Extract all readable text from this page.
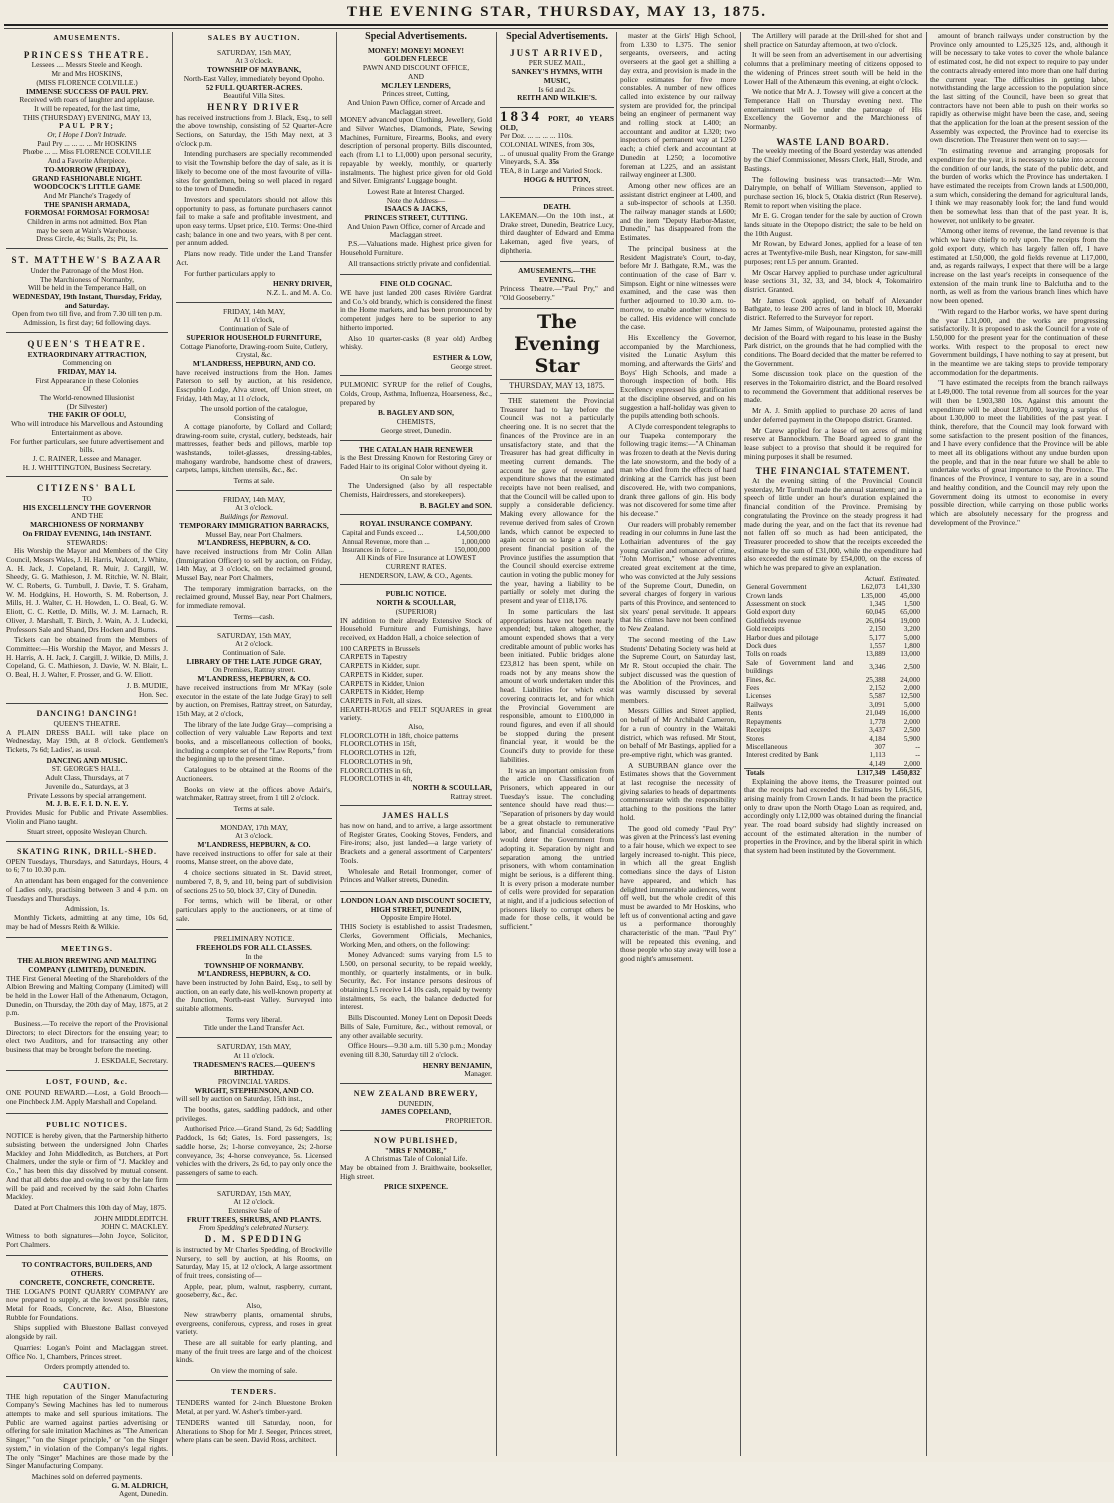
THE EVENING STAR, THURSDAY, MAY 13, 1875.
AMUSEMENTS.
PRINCESS THEATRE.
Lessees .... Messrs Steele and Keogh.
Mr and Mrs HOSKINS,
(MISS FLORENCE COLVILLE.)
IMMENSE SUCCESS OF PAUL PRY.
Received with roars of laughter and applause.
It will be repeated, for the last time,
THIS (THURSDAY) EVENING, MAY 13,
PAUL PRY;
Or, I Hope I Don't Intrude.
Paul Pry ... ... ... ... Mr HOSKINS
Phœbe ... ... Miss FLORENCE COLVILLE
And a Favorite Afterpiece.
TO-MORROW (FRIDAY),
GRAND FASHIONABLE NIGHT.
WOODCOCK'S LITTLE GAME
And Mr Planche's Tragedy of
THE SPANISH ARMADA,
FORMOSA! FORMOSA! FORMOSA!
Children in arms not admitted. Box Plan
may be seen at Wain's Warehouse.
Dress Circle, 4s; Stalls, 2s; Pit, 1s.
ST. MATTHEW'S BAZAAR
Under the Patronage of the Most Hon.
The Marchioness of Normanby,
Will be held in the Temperance Hall, on
WEDNESDAY, 19th Instant, Thursday, Friday, and Saturday.
Open from two till five, and from 7.30 till ten p.m.
Admission, 1s first day; 6d following days.
QUEEN'S THEATRE.
EXTRAORDINARY ATTRACTION,
Commencing on
FRIDAY, MAY 14.
First Appearance in these Colonies
Of
The World-renowned Illusionist
(Dr Silvester)
THE FAKIR OF OOLU,
Who will introduce his Marvellous and Astounding Entertainment as above.
For further particulars, see future advertisement and bills.
J. C. RAINER, Lessee and Manager.
H. J. WHITTINGTON, Business Secretary.
CITIZENS' BALL
TO
HIS EXCELLENCY THE GOVERNOR
AND THE
MARCHIONESS OF NORMANBY
On FRIDAY EVENING, 14th INSTANT.
STEWARDS:

His Worship the Mayor and Members of the City Council, Messrs Wales, J. H. Harris, Walcott, J. White, A. H. Jack, J. Copeland, R. Muir, J. Cargill, W. Sheedy, G. G. Mathieson, J. M. Ritchie, W. N. Blair, W. C. Roberts, G. Turnbull, J. Davie, T. S. Graham, W. M. Hodgkins, H. Howorth, S. M. Robertson, J. Mills, H. J. Walter, C. H. Howden, L. O. Beal, G. W. Eliott, C. C. Kettle, D. Mills, W. J. M. Larnach, R. Oliver, J. Marshall, T. Birch, J. Wain, A. J. Ludecki, Professors Sale and Shand, Drs Hocken and Burns.

Tickets can be obtained from the Members of Committee:—His Worship the Mayor, and Messrs J. H. Harris, A. H. Jack, J. Cargill, J. Wilkie, D. Mills, J. Copeland, G. C. Mathieson, J. Davie, W. N. Blair, L. O. Beal, H. J. Walter, F. Prosser, and G. W. Eliott.

J. B. MUDIE,
Hon. Sec.
DANCING! DANCING!
QUEEN'S THEATRE.

A PLAIN DRESS BALL will take place on Wednesday, May 19th, at 8 o'clock. Gentlemen's Tickets, 7s 6d; Ladies', as usual.

DANCING AND MUSIC.
ST. GEORGE'S HALL.
Adult Class, Thursdays, at 7
Juvenile do., Saturdays, at 3
Private Lessons by special arrangement.
M. J. B. E. F. I. D. N. E. Y.

Provides Music for Public and Private Assemblies. Violin and Piano taught.

Stuart street, opposite Wesleyan Church.
SKATING RINK, DRILL-SHED.

OPEN Tuesdays, Thursdays, and Saturdays, Hours, 4 to 6; 7 to 10.30 p.m.

An attendant has been engaged for the convenience of Ladies only, practising between 3 and 4 p.m. on Tuesdays and Thursdays.

Admission, 1s.

Monthly Tickets, admitting at any time, 10s 6d, may be had of Messrs Reith & Wilkie.

MEETINGS.
THE ALBION BREWING AND MALTING COMPANY (LIMITED), DUNEDIN.

THE First General Meeting of the Shareholders of the Albion Brewing and Malting Company (Limited) will be held in the Lower Hall of the Athenæum, Octagon, Dunedin, on Thursday, the 20th day of May, 1875, at 2 p.m.

Business.—To receive the report of the Provisional Directors; to elect Directors for the ensuing year; to elect two Auditors, and for transacting any other business that may be brought before the meeting.

J. ESKDALE, Secretary.
LOST, FOUND, &c.

ONE POUND REWARD.—Lost, a Gold Brooch—one Pinchbeck J.M. Apply Marshall and Copeland.

PUBLIC NOTICES.

NOTICE is hereby given, that the Partnership hitherto subsisting between the undersigned John Charles Mackley and John Middleditch, as Butchers, at Port Chalmers, under the style or firm of "J. Mackley and Co.," has been this day dissolved by mutual consent. And that all debts due and owing to or by the late firm will be paid and received by the said John Charles Mackley.

Dated at Port Chalmers this 10th day of May, 1875.

JOHN MIDDLEDITCH.
JOHN C. MACKLEY.

Witness to both signatures—John Joyce, Solicitor, Port Chalmers.

TO CONTRACTORS, BUILDERS, AND OTHERS.
CONCRETE, CONCRETE, CONCRETE.

THE LOGAN'S POINT QUARRY COMPANY are now prepared to supply, at the lowest possible rates, Metal for Roads, Concrete, &c. Also, Bluestone Rubble for Foundations.

Ships supplied with Bluestone Ballast conveyed alongside by rail.

Quarries: Logan's Point and Maclaggan street. Office No. 1, Chambers, Princes street.

Orders promptly attended to.
CAUTION.

THE high reputation of the Singer Manufacturing Company's Sewing Machines has led to numerous attempts to make and sell spurious imitations. The Public are warned against parties advertising or offering for sale imitation Machines as "The American Singer," "on the Singer principle," or "on the Singer system," in violation of the Company's legal rights. The only "Singer" Machines are those made by the Singer Manufacturing Company.

Machines sold on deferred payments.
G. M. ALDRICH,
Agent, Dunedin.
SALES BY AUCTION.
SATURDAY, 15th MAY,
At 3 o'clock.
TOWNSHIP OF MAYBANK,
North-East Valley, immediately beyond Opoho.
52 FULL QUARTER-ACRES.
Beautiful Villa Sites.
HENRY DRIVER

has received instructions from J. Black, Esq., to sell the above township, consisting of 52 Quarter-Acre Sections, on Saturday, the 15th May next, at 3 o'clock p.m.

Intending purchasers are specially recommended to visit the Township before the day of sale, as it is likely to become one of the most favourite of villa-sites for gentlemen, being so well placed in regard to the town of Dunedin.

Investors and speculators should not allow this opportunity to pass, as fortunate purchasers cannot fail to make a safe and profitable investment, and upon easy terms. Upset price, £10. Terms: One-third cash; balance in one and two years, with 8 per cent. per annum added.

Plans now ready. Title under the Land Transfer Act.

For further particulars apply to

HENRY DRIVER,
N.Z. L. and M. A. Co.
FRIDAY, 14th MAY,
At 11 o'clock,
Continuation of Sale of
SUPERIOR HOUSEHOLD FURNITURE,
Cottage Pianoforte, Drawing-room Suite, Cutlery, Crystal, &c.
M'LANDRESS, HEPBURN, AND CO.

have received instructions from the Hon. James Paterson to sell by auction, at his residence, Esscpublo Lodge, Alva street, off Union street, on Friday, 14th May, at 11 o'clock,

The unsold portion of the catalogue,
Consisting of

A cottage pianoforte, by Collard and Collard; drawing-room suite, crystal, cutlery, bedsteads, hair mattresses, feather beds and pillows, marble top washstands, toilet-glasses, dressing-tables, mahogany wardrobe, handsome chest of drawers, carpets, lamps, kitchen utensils, &c., &c.

Terms at sale.
FRIDAY, 14th MAY,
At 3 o'clock.
Buildings for Removal.
TEMPORARY IMMIGRATION BARRACKS,
Mussel Bay, near Port Chalmers.
M'LANDRESS, HEPBURN, & CO.

have received instructions from Mr Colin Allan (Immigration Officer) to sell by auction, on Friday, 14th May, at 3 o'clock, on the reclaimed ground, Mussel Bay, near Port Chalmers,

The temporary immigration barracks, on the reclaimed ground, Mussel Bay, near Port Chalmers, for immediate removal.

Terms—cash.
SATURDAY, 15th MAY,
At 2 o'clock.
Continuation of Sale.
LIBRARY OF THE LATE JUDGE GRAY,
On Premises, Rattray street.
M'LANDRESS, HEPBURN, & CO.

have received instructions from Mr M'Kay (sole executor in the estate of the late Judge Gray) to sell by auction, on Premises, Rattray street, on Saturday, 15th May, at 2 o'clock,

The library of the late Judge Gray—comprising a collection of very valuable Law Reports and text books, and a miscellaneous collection of books, including a complete set of the "Law Reports," from the beginning up to the present time.

Catalogues to be obtained at the Rooms of the Auctioneers.

Books on view at the offices above Adair's, watchmaker, Rattray street, from 1 till 2 o'clock.

Terms at sale.
MONDAY, 17th MAY,
At 3 o'clock.
M'LANDRESS, HEPBURN, & CO.

have received instructions to offer for sale at their rooms, Manse street, on the above date,

4 choice sections situated in St. David street, numbered 7, 8, 9, and 10, being part of subdivision of sections 25 to 50, block 37, City of Dunedin.

For terms, which will be liberal, or other particulars apply to the auctioneers, or at time of sale.

PRELIMINARY NOTICE.
FREEHOLDS FOR ALL CLASSES.
In the
TOWNSHIP OF NORMANBY.
M'LANDRESS, HEPBURN, & CO.

have been instructed by John Baird, Esq., to sell by auction, on an early date, his well-known property at the Junction, North-east Valley. Surveyed into suitable allotments.

Terms very liberal.
Title under the Land Transfer Act.
SATURDAY, 15th MAY,
At 11 o'clock.
TRADESMEN'S RACES.—QUEEN'S BIRTHDAY.
PROVINCIAL YARDS.
WRIGHT, STEPHENSON, AND CO.

will sell by auction on Saturday, 15th inst.,

The booths, gates, saddling paddock, and other privileges.

Authorised Price.—Grand Stand, 2s 6d; Saddling Paddock, 1s 6d; Gates, 1s. Ford passengers, 1s; saddle horse, 2s; 1-horse conveyance, 2s; 2-horse conveyance, 3s; 4-horse conveyance, 5s. Licensed vehicles with the drivers, 2s 6d, to pay only once the passengers of same to each.

SATURDAY, 15th MAY,
At 12 o'clock.
Extensive Sale of
FRUIT TREES, SHRUBS, AND PLANTS.
From Spedding's celebrated Nursery.
D. M. SPEDDING

is instructed by Mr Charles Spedding, of Brockville Nursery, to sell by auction, at his Rooms, on Saturday, May 15, at 12 o'clock, A large assortment of fruit trees, consisting of—

Apple, pear, plum, walnut, raspberry, currant, gooseberry, &c., &c.

Also,

New strawberry plants, ornamental shrubs, evergreens, coniferous, cypress, and roses in great variety.

These are all suitable for early planting, and many of the fruit trees are large and of the choicest kinds.

On view the morning of sale.
TENDERS.

TENDERS wanted for 2-inch Bluestone Broken Metal, at per yard. W. Asher's timber-yard.

TENDERS wanted till Saturday, noon, for Alterations to Shop for Mr J. Seeger, Princes street, where plans can be seen. David Ross, architect.

Special Advertisements.
MONEY! MONEY! MONEY!
GOLDEN FLEECE
PAWN AND DISCOUNT OFFICE,
AND
MCJLEY LENDERS,
Princes street, Cutting,
And Union Pawn Office, corner of Arcade and Maclaggan street.

MONEY advanced upon Clothing, Jewellery, Gold and Silver Watches, Diamonds, Plate, Sewing Machines, Furniture, Firearms, Books, and every description of personal property. Bills discounted, each (from L1 to L1,000) upon personal security, repayable by weekly, monthly, or quarterly instalments. The highest price given for old Gold and Silver. Emigrants' Luggage bought.

Lowest Rate at Interest Charged.
Note the Address—
ISAACS & JACKS,
PRINCES STREET, CUTTING.
And Union Pawn Office, corner of Arcade and Maclaggan street.

P.S.—Valuations made. Highest price given for Household Furniture.

All transactions strictly private and confidential.

FINE OLD COGNAC.

WE have just landed 200 cases Rivière Gardrat and Co.'s old brandy, which is considered the finest in the Home markets, and has been pronounced by competent judges here to be superior to any hitherto imported.

Also 10 quarter-casks (8 year old) Ardbeg whisky.

ESTHER & LOW,
George street.

PULMONIC SYRUP for the relief of Coughs, Colds, Croup, Asthma, Influenza, Hoarseness, &c., prepared by

B. BAGLEY AND SON,
CHEMISTS,
George street, Dunedin.
THE CATALAN HAIR RENEWER

is the Best Dressing Known for Restoring Grey or Faded Hair to its original Color without dyeing it.

On sale by

The Undersigned (also by all respectable Chemists, Hairdressers, and storekeepers).

B. BAGLEY and SON.
ROYAL INSURANCE COMPANY.
Capital and Funds exceed ...	L4,500,000
Annual Revenue, more than ...	1,000,000
Insurances in force ...	150,000,000
All Kinds of Fire Insurance at LOWEST CURRENT RATES.
HENDERSON, LAW, & CO., Agents.
PUBLIC NOTICE.
NORTH & SCOULLAR,
(SUPERIOR)

IN addition to their already Extensive Stock of Household Furniture and Furnishings, have received, ex Haddon Hall, a choice selection of

100 CARPETS in Brussels
CARPETS in Tapestry
CARPETS in Kidder, supr.
CARPETS in Kidder, super.
CARPETS in Kidder, Union
CARPETS in Kidder, Hemp
CARPETS in Felt, all sizes.
HEARTH-RUGS and FELT SQUARES in great variety.
Also,
FLOORCLOTH in 18ft, choice patterns
FLOORCLOTHS in 15ft,
FLOORCLOTHS in 12ft,
FLOORCLOTHS in 9ft,
FLOORCLOTHS in 6ft,
FLOORCLOTHS in 4ft,
NORTH & SCOULLAR,
Rattray street.
JAMES HALLS

has now on hand, and to arrive, a large assortment of Register Grates, Cooking Stoves, Fenders, and Fire-irons; also, just landed—a large variety of Brackets and a general assortment of Carpenters' Tools.

Wholesale and Retail Ironmonger, corner of Princes and Walker streets, Dunedin.

LONDON LOAN AND DISCOUNT SOCIETY,
HIGH STREET, DUNEDIN,
Opposite Empire Hotel.

THIS Society is established to assist Tradesmen, Clerks, Government Officials, Mechanics, Working Men, and others, on the following:

Money Advanced: sums varying from L5 to L500, on personal security, to be repaid weekly, monthly, or quarterly instalments, or in bulk. Security, &c. For instance persons desirous of obtaining L5 receive L4 10s cash, repaid by twenty instalments, 5s each, the balance deducted for interest.

Bills Discounted. Money Lent on Deposit Deeds Bills of Sale, Furniture, &c., without removal, or any other available security.

Office Hours—9.30 a.m. till 5.30 p.m.; Monday evening till 8.30, Saturday till 2 o'clock.

HENRY BENJAMIN,
Manager.
NEW ZEALAND BREWERY,
DUNEDIN,
JAMES COPELAND,
PROPRIETOR.
NOW PUBLISHED,
"MRS F NMOBE,"
A Christmas Tale of Colonial Life.

May be obtained from J. Braithwaite, bookseller, High street.

PRICE SIXPENCE.
Special Advertisements.
JUST ARRIVED,
PER SUEZ MAIL,
SANKEY'S HYMNS, WITH MUSIC,
Is 6d and 2s.
REITH AND WILKIE'S.
1834 PORT, 40 YEARS OLD,
Per Doz. ... ... ... ... 110s.
COLONIAL WINES, from 30s,
... of unusual quality From the Grange Vineyards, S.A. 35s
TEA, 8 in Large and Varied Stock.
HOGG & HUTTON,
Princes street.
DEATH.

LAKEMAN.—On the 10th inst., at Drake street, Dunedin, Beatrice Lucy, third daughter of Edward and Emma Lakeman, aged five years, of diphtheria.

AMUSEMENTS.—THE EVENING.

Princess Theatre.—"Paul Pry," and "Old Gooseberry."

The Evening Star
THURSDAY, MAY 13, 1875.

THE statement the Provincial Treasurer had to lay before the Council was not a particularly cheering one. It is no secret that the finances of the Province are in an unsatisfactory state, and that the Treasurer has had great difficulty in meeting current demands. The account he gave of revenue and expenditure shows that the estimated receipts have not been realised, and that the Council will be called upon to supply a considerable deficiency. Making every allowance for the revenue derived from sales of Crown lands, which cannot be expected to again occur on so large a scale, the present financial position of the Province justifies the assumption that the Council should exercise extreme caution in voting the public money for the year, having a liability to be partially or solely met during the present and year of £118,176.

In some particulars the last appropriations have not been nearly expended; but, taken altogether, the amount expended shows that a very creditable amount of public works has been initiated. Public bridges alone £23,812 has been spent, while on roads not by any means show the amount of work undertaken under this head. Liabilities for which exist covering contracts let, and for which the Provincial Government are responsible, amount to £100,000 in round figures, and even if all should be stopped during the present financial year, it would be the Council's duty to provide for these liabilities.

It was an important omission from the article on Classification of Prisoners, which appeared in our Tuesday's issue. The concluding sentence should have read thus:— "Separation of prisoners by day would be a great obstacle to remunerative labor, and financial considerations would deter the Government from adopting it. Separation by night and separation among the untried prisoners, with whom contamination might be serious, is a different thing. It is every prison a moderate number of cells were provided for separation at night, and if a judicious selection of prisoners likely to corrupt others be made for those cells, it would be sufficient."

master at the Girls' High School, from L330 to L375. The senior sergeants, overseers, and acting overseers at the gaol get a shilling a day extra, and provision is made in the police estimates for five more constables. A number of new offices called into existence by our railway system are provided for, the principal being an engineer of permanent way and rolling stock at L400; an accountant and auditor at L320; two inspectors of permanent way at L250 each; a chief clerk and accountant at Dunedin at L250; a locomotive foreman at L225, and an assistant railway engineer at L300.

Among other new offices are an assistant district engineer at L400, and a sub-inspector of schools at L350. The railway manager stands at L600; and the item "Deputy Harbor-Master, Dunedin," has disappeared from the Estimates.

The principal business at the Resident Magistrate's Court, to-day, before Mr J. Bathgate, R.M., was the continuation of the case of Barr v. Simpson. Eight or nine witnesses were examined, and the case was then further adjourned to 10.30 a.m. to-morrow, to enable another witness to be called. His evidence will conclude the case.

His Excellency the Governor, accompanied by the Marchioness, visited the Lunatic Asylum this morning, and afterwards the Girls' and Boys' High Schools, and made a thorough inspection of both. His Excellency expressed his gratification at the discipline observed, and on his suggestion a half-holiday was given to the pupils attending both schools.

A Clyde correspondent telegraphs to our Tuapeka contemporary the following tragic items:—"A Chinaman was frozen to death at the Nevis during the late snowstorm, and the body of a man who died from the effects of hard drinking at the Carrick has just been discovered. He, with two companions, drank three gallons of gin. His body was not discovered for some time after his decease."

Our readers will probably remember reading in our columns in June last the Lothairian adventures of the gay young cavalier and romancer of crime, "John Morrison," whose adventures created great excitement at the time, who was convicted at the July sessions of the Supreme Court, Dunedin, on several charges of forgery in various parts of this Province, and sentenced to six years' penal servitude. It appears that his crimes have not been confined to New Zealand.

The second meeting of the Law Students' Debating Society was held at the Supreme Court, on Saturday last, Mr R. Stout occupied the chair. The subject discussed was the question of the Abolition of the Provinces, and was warmly discussed by several members.

Messrs Gillies and Street applied, on behalf of Mr Archibald Cameron, for a run of country in the Waitaki district, which was refused. Mr Stout, on behalf of Mr Bastings, applied for a pre-emptive right, which was granted.

A SUBURBAN glance over the Estimates shows that the Government at last recognise the necessity of giving salaries to heads of departments commensurate with the responsibility attaching to the positions the latter hold.

The good old comedy "Paul Pry" was given at the Princess's last evening to a fair house, which we expect to see largely increased to-night. This piece, in which all the great English comedians since the days of Liston have appeared, and which has delighted innumerable audiences, went off well, but the whole credit of this must be awarded to Mr Hoskins, who left us of conventional acting and gave us a performance thoroughly characteristic of the man. "Paul Pry" will be repeated this evening, and those people who stay away will lose a good night's amusement.

The Artillery will parade at the Drill-shed for shot and shell practice on Saturday afternoon, at two o'clock.

It will be seen from an advertisement in our advertising columns that a preliminary meeting of citizens opposed to the widening of Princes street south will be held in the Lower Hall of the Athenæum this evening, at eight o'clock.

We notice that Mr A. J. Towsey will give a concert at the Temperance Hall on Thursday evening next. The entertainment will be under the patronage of His Excellency the Governor and the Marchioness of Normanby.

WASTE LAND BOARD.

The weekly meeting of the Board yesterday was attended by the Chief Commissioner, Messrs Clerk, Hall, Strode, and Bastings.

The following business was transacted:—Mr Wm. Dalrymple, on behalf of William Stevenson, applied to purchase section 16, block 5, Otakia district (Run Reserve). Remit to report when visiting the place.

Mr E. G. Crogan tender for the sale by auction of Crown lands situate in the Otepopo district; the sale to be held on the 10th August.

Mr Rowan, by Edward Jones, applied for a lease of ten acres at Twentyfive-mile Bush, near Kingston, for saw-mill purposes; rent L5 per annum. Granted.

Mr Oscar Harvey applied to purchase under agricultural lease sections 31, 32, 33, and 34, block 4, Tokomairiro district. Granted.

Mr James Cook applied, on behalf of Alexander Bathgate, to lease 200 acres of land in block 10, Moeraki district. Referred to the Surveyor for report.

Mr James Simm, of Waipounamu, protested against the decision of the Board with regard to his lease in the Bushy Park district, on the grounds that he had complied with the conditions. The Board decided that the matter be referred to the Government.

Some discussion took place on the question of the reserves in the Tokomairiro district, and the Board resolved to recommend the Government that additional reserves be made.

Mr A. J. Smith applied to purchase 20 acres of land under deferred payment in the Otepopo district. Granted.

Mr Carew applied for a lease of ten acres of mining reserve at Bannockburn. The Board agreed to grant the lease subject to a proviso that should it be required for mining purposes it shall be resumed.

THE FINANCIAL STATEMENT.

At the evening sitting of the Provincial Council yesterday, Mr Turnbull made the annual statement; and in a speech of little under an hour's duration explained the financial condition of the Province. Premising by congratulating the Province on the steady progress it had made during the year, and on the fact that its revenue had not fallen off so much as had been anticipated, the Treasurer proceeded to show that the receipts exceeded the estimate by the sum of £31,000, while the expenditure had also exceeded the estimate by £54,000, on the excess of which he was prepared to give an explanation.

	Actual.	Estimated.
General Government	L62,073	L41,330
Crown lands	L35,000	45,000
Assessment on stock	1,345	1,500
Gold export duty	60,045	65,000
Goldfields revenue	26,064	19,000
Gold receipts	2,150	3,200
Harbor dues and pilotage	5,177	5,000
Dock dues	1,557	1,800
Tolls on roads	13,889	13,000
Sale of Government land and buildings	3,346	2,500
Fines, &c.	25,388	24,000
Fees	2,152	2,000
Licenses	5,587	12,500
Railways	3,091	5,000
Rents	21,049	16,000
Repayments	1,778	2,000
Receipts	3,437	2,500
Stores	4,184	5,900
Miscellaneous	307	--
Interest credited by Bank	1,113	--
	4,149	2,000
Totals	L317,349	L450,832

Explaining the above items, the Treasurer pointed out that the receipts had exceeded the Estimates by L66,516, arising mainly from Crown Lands. It had been the practice only to draw upon the North Otago Loan as required, and, accordingly only L12,000 was obtained during the financial year. The road board subsidy had slightly increased on account of the estimated alteration in the number of properties in the Province, and by the liberal spirit in which that system had been instituted by the Government.

amount of branch railways under construction by the Province only amounted to L25,325 12s, and, although it will be necessary to take votes to cover the whole balance of estimated cost, he did not expect to require to pay under the contracts already entered into more than one half during the current year. The difficulties in getting labor, notwithstanding the large accession to the population since the last sitting of the Council, have been so great that contractors have not been able to push on their works so rapidly as otherwise might have been the case, and, seeing that the application for the loan at the present session of the Assembly was expected, the Province had to exercise its own discretion. The Treasurer then went on to say:—

"In estimating revenue and arranging proposals for expenditure for the year, it is necessary to take into account the condition of our lands, the state of the public debt, and the burden of works which the Province has undertaken. I have estimated the receipts from Crown lands at L500,000, a sum which, considering the demand for agricultural lands, I think we may reasonably look for; the land fund would then be somewhat less than that of the past year. It is, however, not unlikely to be greater.

"Among other items of revenue, the land revenue is that which we have chiefly to rely upon. The receipts from the gold export duty, which has largely fallen off, I have estimated at L50,000, the gold fields revenue at L17,000, and, as regards railways, I expect that there will be a large increase on the last year's receipts in consequence of the extension of the main trunk line to Balclutha and to the north, as well as from the various branch lines which have now been opened.

"With regard to the Harbor works, we have spent during the year L31,000, and the works are progressing satisfactorily. It is proposed to ask the Council for a vote of L50,000 for the present year for the continuation of these works. With respect to the proposal to erect new Government buildings, I have nothing to say at present, but in the meantime we are taking steps to provide temporary accommodation for the departments.

"I have estimated the receipts from the branch railways at L49,000. The total revenue from all sources for the year will then be L903,380 10s. Against this amount the expenditure will be about L870,000, leaving a surplus of about L30,000 to meet the liabilities of the past year. I think, therefore, that the Council may look forward with some satisfaction to the present position of the finances, and I have every confidence that the Province will be able to meet all its obligations without any undue burden upon the people, and that in the near future we shall be able to undertake works of great importance to the Province. The finances of the Province, I venture to say, are in a sound and healthy condition, and the Council may rely upon the Government doing its utmost to economise in every possible direction, while carrying on those public works which are absolutely necessary for the progress and development of the Province."
